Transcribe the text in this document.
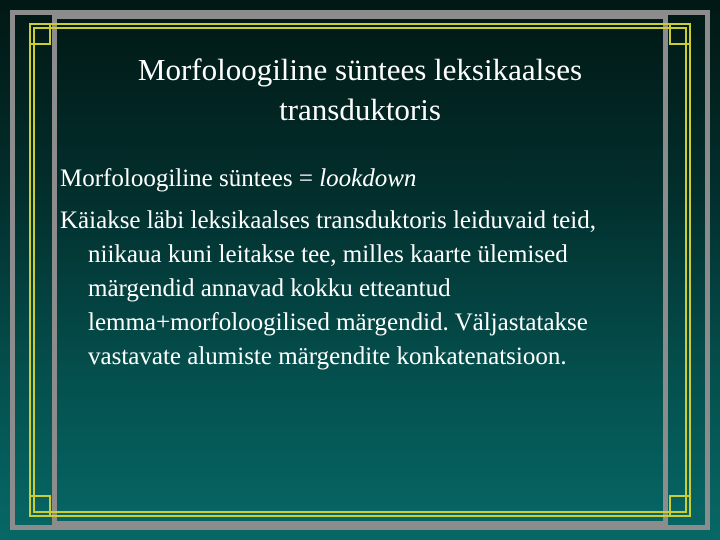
Morfoloogiline süntees leksikaalses transduktoris

Morfoloogiline süntees = lookdown

Käiakse läbi leksikaalses transduktoris leiduvaid teid, niikaua kuni leitakse tee, milles kaarte ülemised märgendid annavad kokku etteantud lemma+morfoloogilised märgendid. Väljastatakse vastavate alumiste märgendite konkatenatsioon.
